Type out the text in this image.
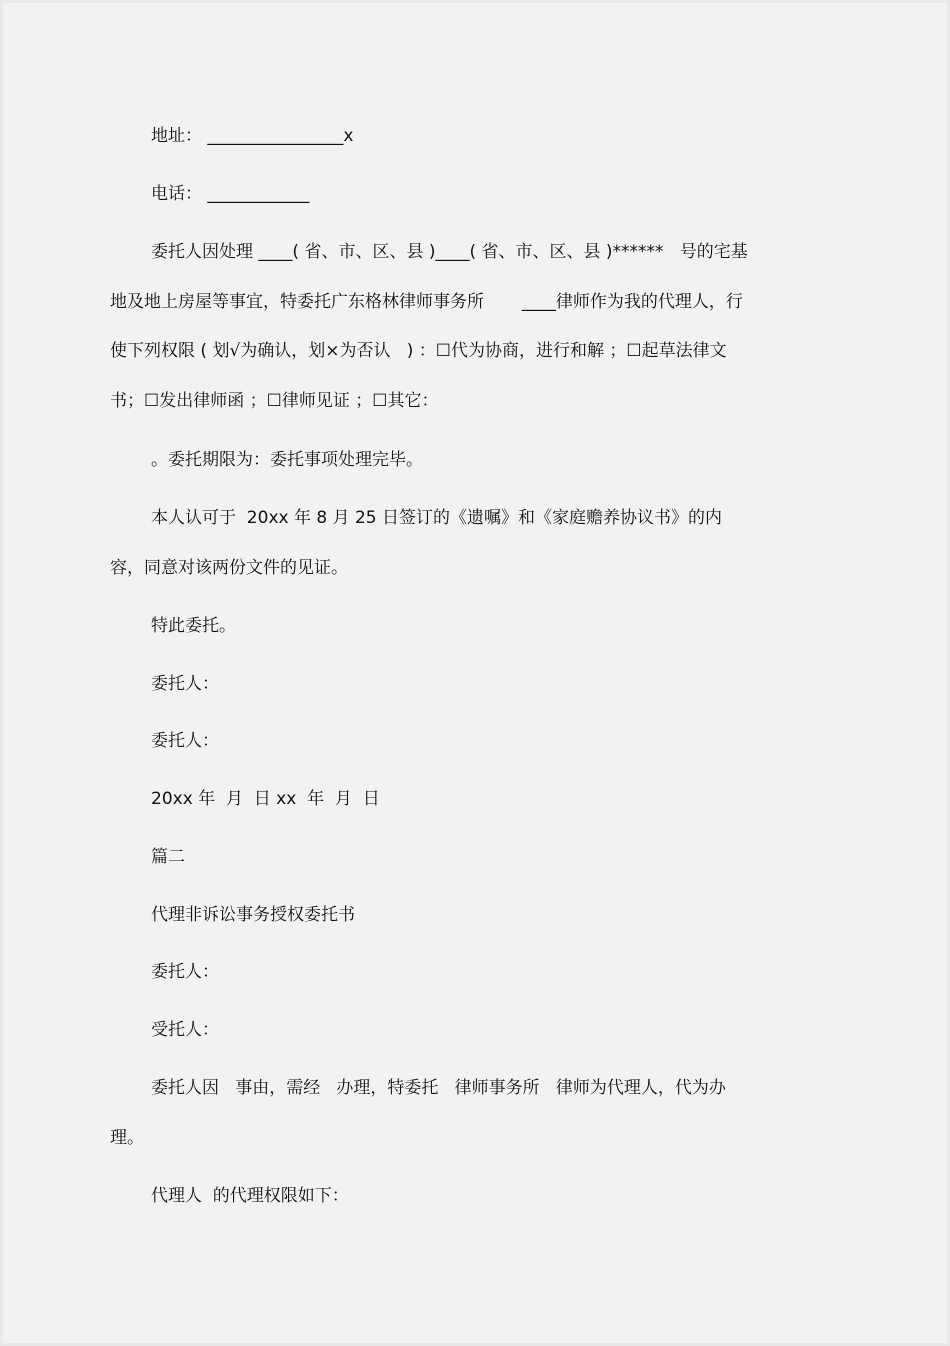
地址： ________________x
电话： ____________
委托人因处理 ____( 省、市、区、县 )____( 省、市、区、县 )******   号的宅基
地及地上房屋等事宜，特委托广东格林律师事务所       ____律师作为我的代理人，行
使下列权限 ( 划√为确认，划×为否认   ) ：☐代为协商，进行和解 ；☐起草法律文
书；☐发出律师函 ；☐律师见证 ；☐其它：
。委托期限为：委托事项处理完毕。
本人认可于  20xx 年 8 月 25 日签订的《遗嘱》和《家庭赡养协议书》的内
容，同意对该两份文件的见证。
特此委托。
委托人：
委托人：
20xx 年  月  日 xx  年  月  日
篇二
代理非诉讼事务授权委托书
委托人：
受托人：
委托人因   事由，需经   办理，特委托   律师事务所   律师为代理人，代为办
理。
代理人  的代理权限如下：
